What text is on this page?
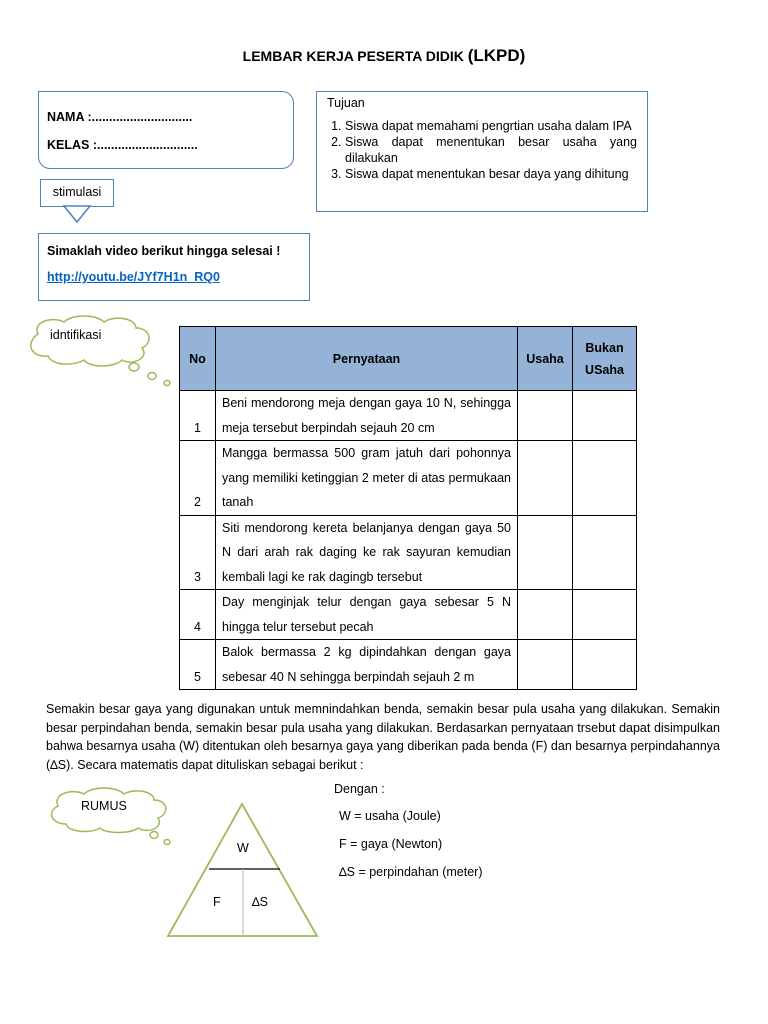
LEMBAR KERJA PESERTA DIDIK (LKPD)
NAMA :.............................
KELAS :.............................
Tujuan
1. Siswa dapat memahami pengrtian usaha dalam IPA
2. Siswa dapat menentukan besar usaha yang dilakukan
3. Siswa dapat menentukan besar daya yang dihitung
stimulasi
Simaklah video berikut hingga selesai !
http://youtu.be/JYf7H1n_RQ0
idntifikasi
No	Pernyataan	Usaha	Bukan USaha
1	Beni mendorong meja dengan gaya 10 N, sehingga meja tersebut berpindah sejauh 20 cm		
2	Mangga bermassa 500 gram jatuh dari pohonnya yang memiliki ketinggian 2 meter di atas permukaan tanah		
3	Siti mendorong kereta belanjanya dengan gaya 50 N dari arah rak daging ke rak sayuran kemudian kembali lagi ke rak dagingb tersebut		
4	Day menginjak telur dengan gaya sebesar 5 N hingga telur tersebut pecah		
5	Balok bermassa 2 kg dipindahkan dengan gaya sebesar 40 N sehingga berpindah sejauh 2 m		
Semakin besar gaya yang digunakan untuk memnindahkan benda, semakin besar pula usaha yang dilakukan. Semakin besar perpindahan benda, semakin besar pula usaha yang dilakukan. Berdasarkan pernyataan trsebut dapat disimpulkan bahwa besarnya usaha (W) ditentukan oleh besarnya gaya yang diberikan pada benda (F) dan besarnya perpindahannya (∆S). Secara matematis dapat dituliskan sebagai berikut :
RUMUS
W
F	∆S
Dengan :
W = usaha (Joule)
F = gaya (Newton)
∆S = perpindahan (meter)
